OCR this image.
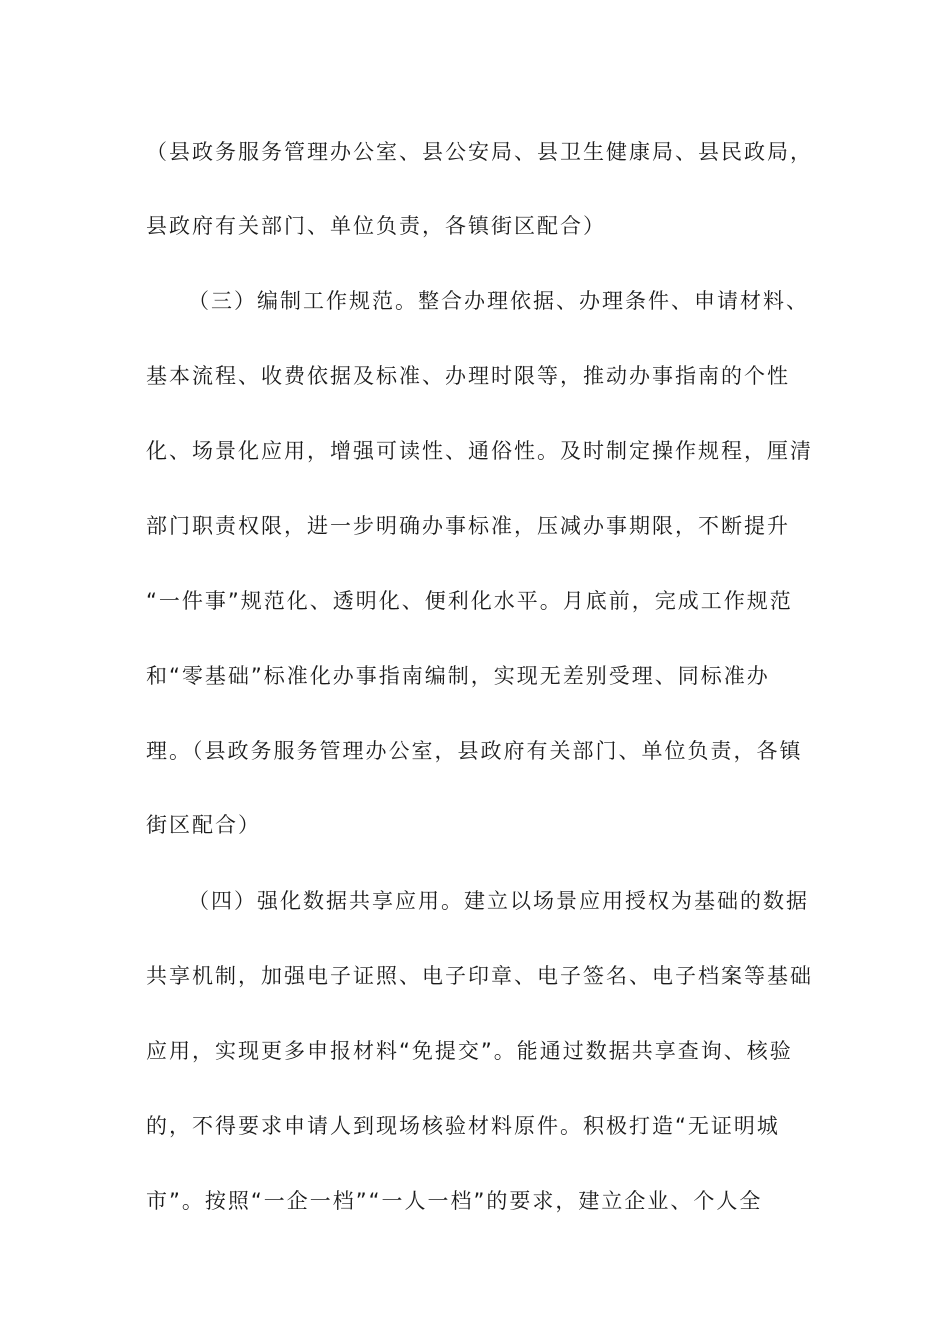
（县政务服务管理办公室、县公安局、县卫生健康局、县民政局，
县政府有关部门、单位负责，各镇街区配合）
（三）编制工作规范。整合办理依据、办理条件、申请材料、
基本流程、收费依据及标准、办理时限等，推动办事指南的个性
化、场景化应用，增强可读性、通俗性。及时制定操作规程，厘清
部门职责权限，进一步明确办事标准，压减办事期限，不断提升
“一件事”规范化、透明化、便利化水平。月底前，完成工作规范
和“零基础”标准化办事指南编制，实现无差别受理、同标准办
理。（县政务服务管理办公室，县政府有关部门、单位负责，各镇
街区配合）
（四）强化数据共享应用。建立以场景应用授权为基础的数据
共享机制，加强电子证照、电子印章、电子签名、电子档案等基础
应用，实现更多申报材料“免提交”。能通过数据共享查询、核验
的，不得要求申请人到现场核验材料原件。积极打造“无证明城
市”。按照“一企一档”“一人一档”的要求，建立企业、个人全
